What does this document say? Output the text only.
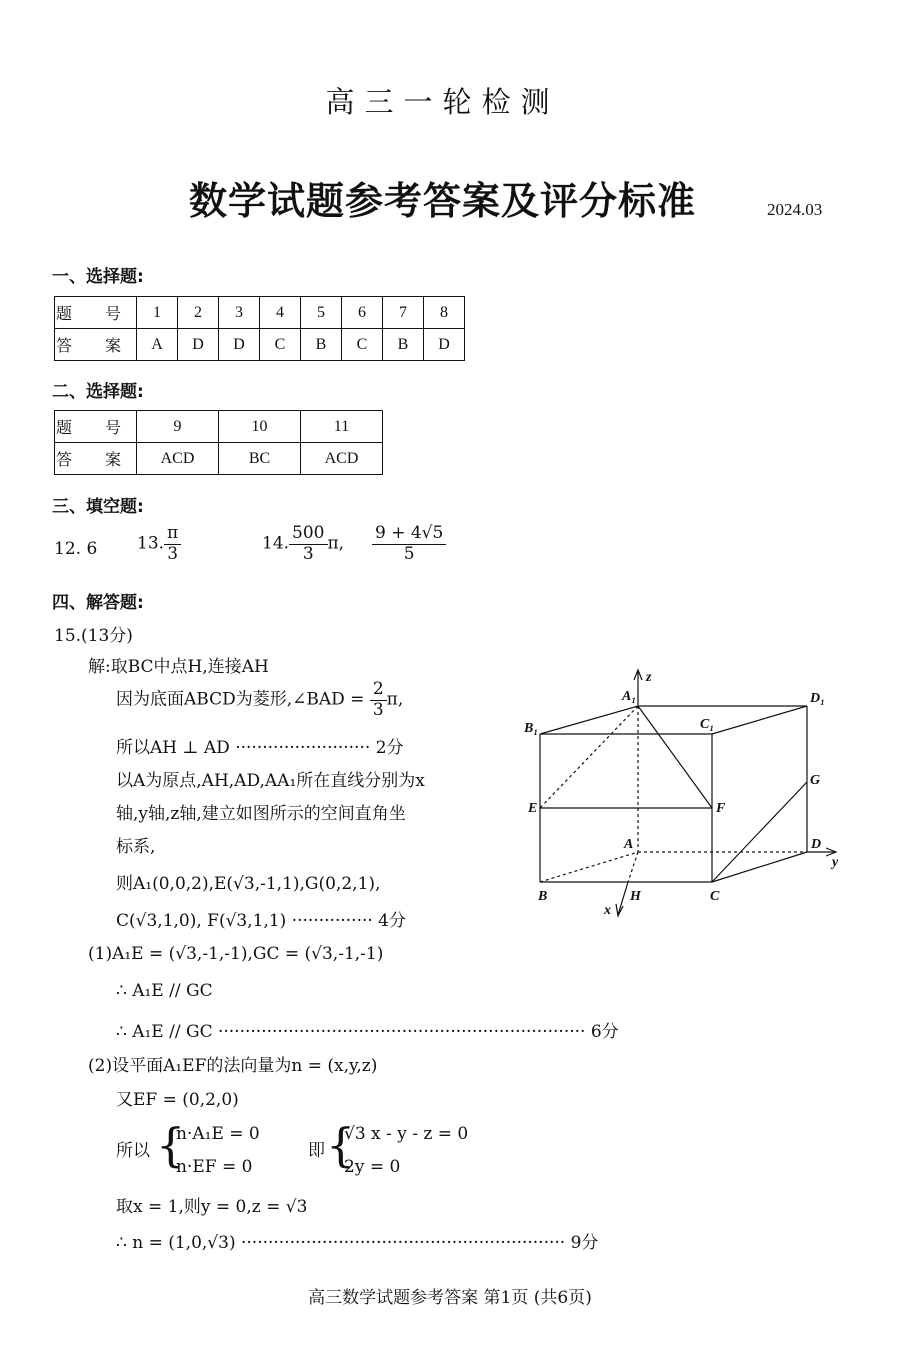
高三一轮检测
数学试题参考答案及评分标准	2024.03
一、选择题:
题 号	1	2	3	4	5	6	7	8
答 案	A	D	D	C	B	C	B	D
二、选择题:
题 号	9	10	11
答 案	ACD	BC	ACD
三、填空题:
12. 6 13. $\frac{\pi}{3}$	14. $\frac{500}{3} \pi$, $\frac{9 + 4√5}{5}$
四、解答题:
15.(13分)
解:取BC中点H,连接AH
因为底面ABCD为菱形,∠BAD = $\frac{2}{3} \pi$,
所以AH ⊥ AD ························· 2分
以A为原点,AH,AD,AA₁所在直线分别为x
轴,y轴,z轴,建立如图所示的空间直角坐
标系,
则A₁(0,0,2),E(√3,-1,1),G(0,2,1),
C(√3,1,0), F(√3,1,1) ··············· 4分
(1)A₁E = (√3,-1,-1),GC = (√3,-1,-1)
∴ A₁E // GC
∴ A₁E // GC ···································································· 6分
(2)设平面A₁EF的法向量为n = (x,y,z)
又EF = (0,2,0)
所以 {
n·A₁E = 0
n·EF = 0
即 {
√3 x - y - z = 0
2y = 0
取x = 1,则y = 0,z = √3
∴ n = (1,0,√3) ···························································· 9分
A₁
z
D₁
B₁	C₁
G
E	F
A	D
y
B	H	C
x
高三数学试题参考答案 第1页 (共6页)
